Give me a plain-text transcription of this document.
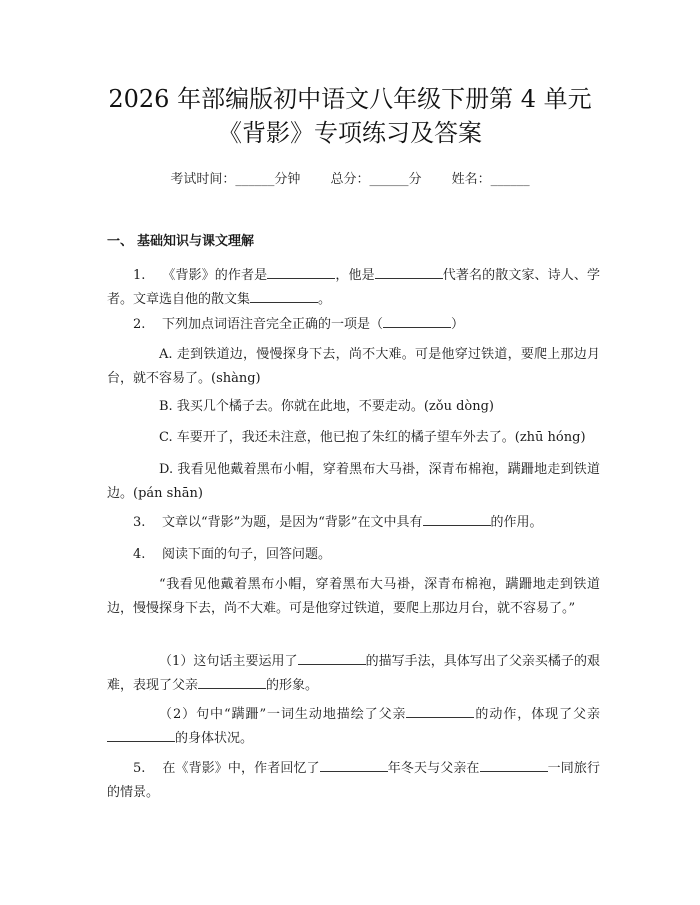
2026 年部编版初中语文八年级下册第 4 单元
《背影》专项练习及答案
考试时间：______分钟 总分：______分 姓名：______
一、 基础知识与课文理解
1. 《背影》的作者是	，他是	代著名的散文家、诗人、学者。文章选自他的散文集	。
2. 下列加点词语注音完全正确的一项是（	）
A. 走到铁道边，慢慢探身下去，尚不大难。可是他穿过铁道，要爬上那边月台，就不容易了。(shàng)
B. 我买几个橘子去。你就在此地，不要走动。(zǒu dòng)
C. 车要开了，我还未注意，他已抱了朱红的橘子望车外去了。(zhū hóng)
D. 我看见他戴着黑布小帽，穿着黑布大马褂，深青布棉袍，蹒跚地走到铁道边。(pán shān)
3. 文章以“背影”为题，是因为“背影”在文中具有	的作用。
4. 阅读下面的句子，回答问题。
“我看见他戴着黑布小帽，穿着黑布大马褂，深青布棉袍，蹒跚地走到铁道边，慢慢探身下去，尚不大难。可是他穿过铁道，要爬上那边月台，就不容易了。”
（1）这句话主要运用了	的描写手法，具体写出了父亲买橘子的艰难，表现了父亲	的形象。
（2）句中“蹒跚”一词生动地描绘了父亲	的动作，体现了父亲的身体状况。
5. 在《背影》中，作者回忆了	年冬天与父亲在	一同旅行的情景。
